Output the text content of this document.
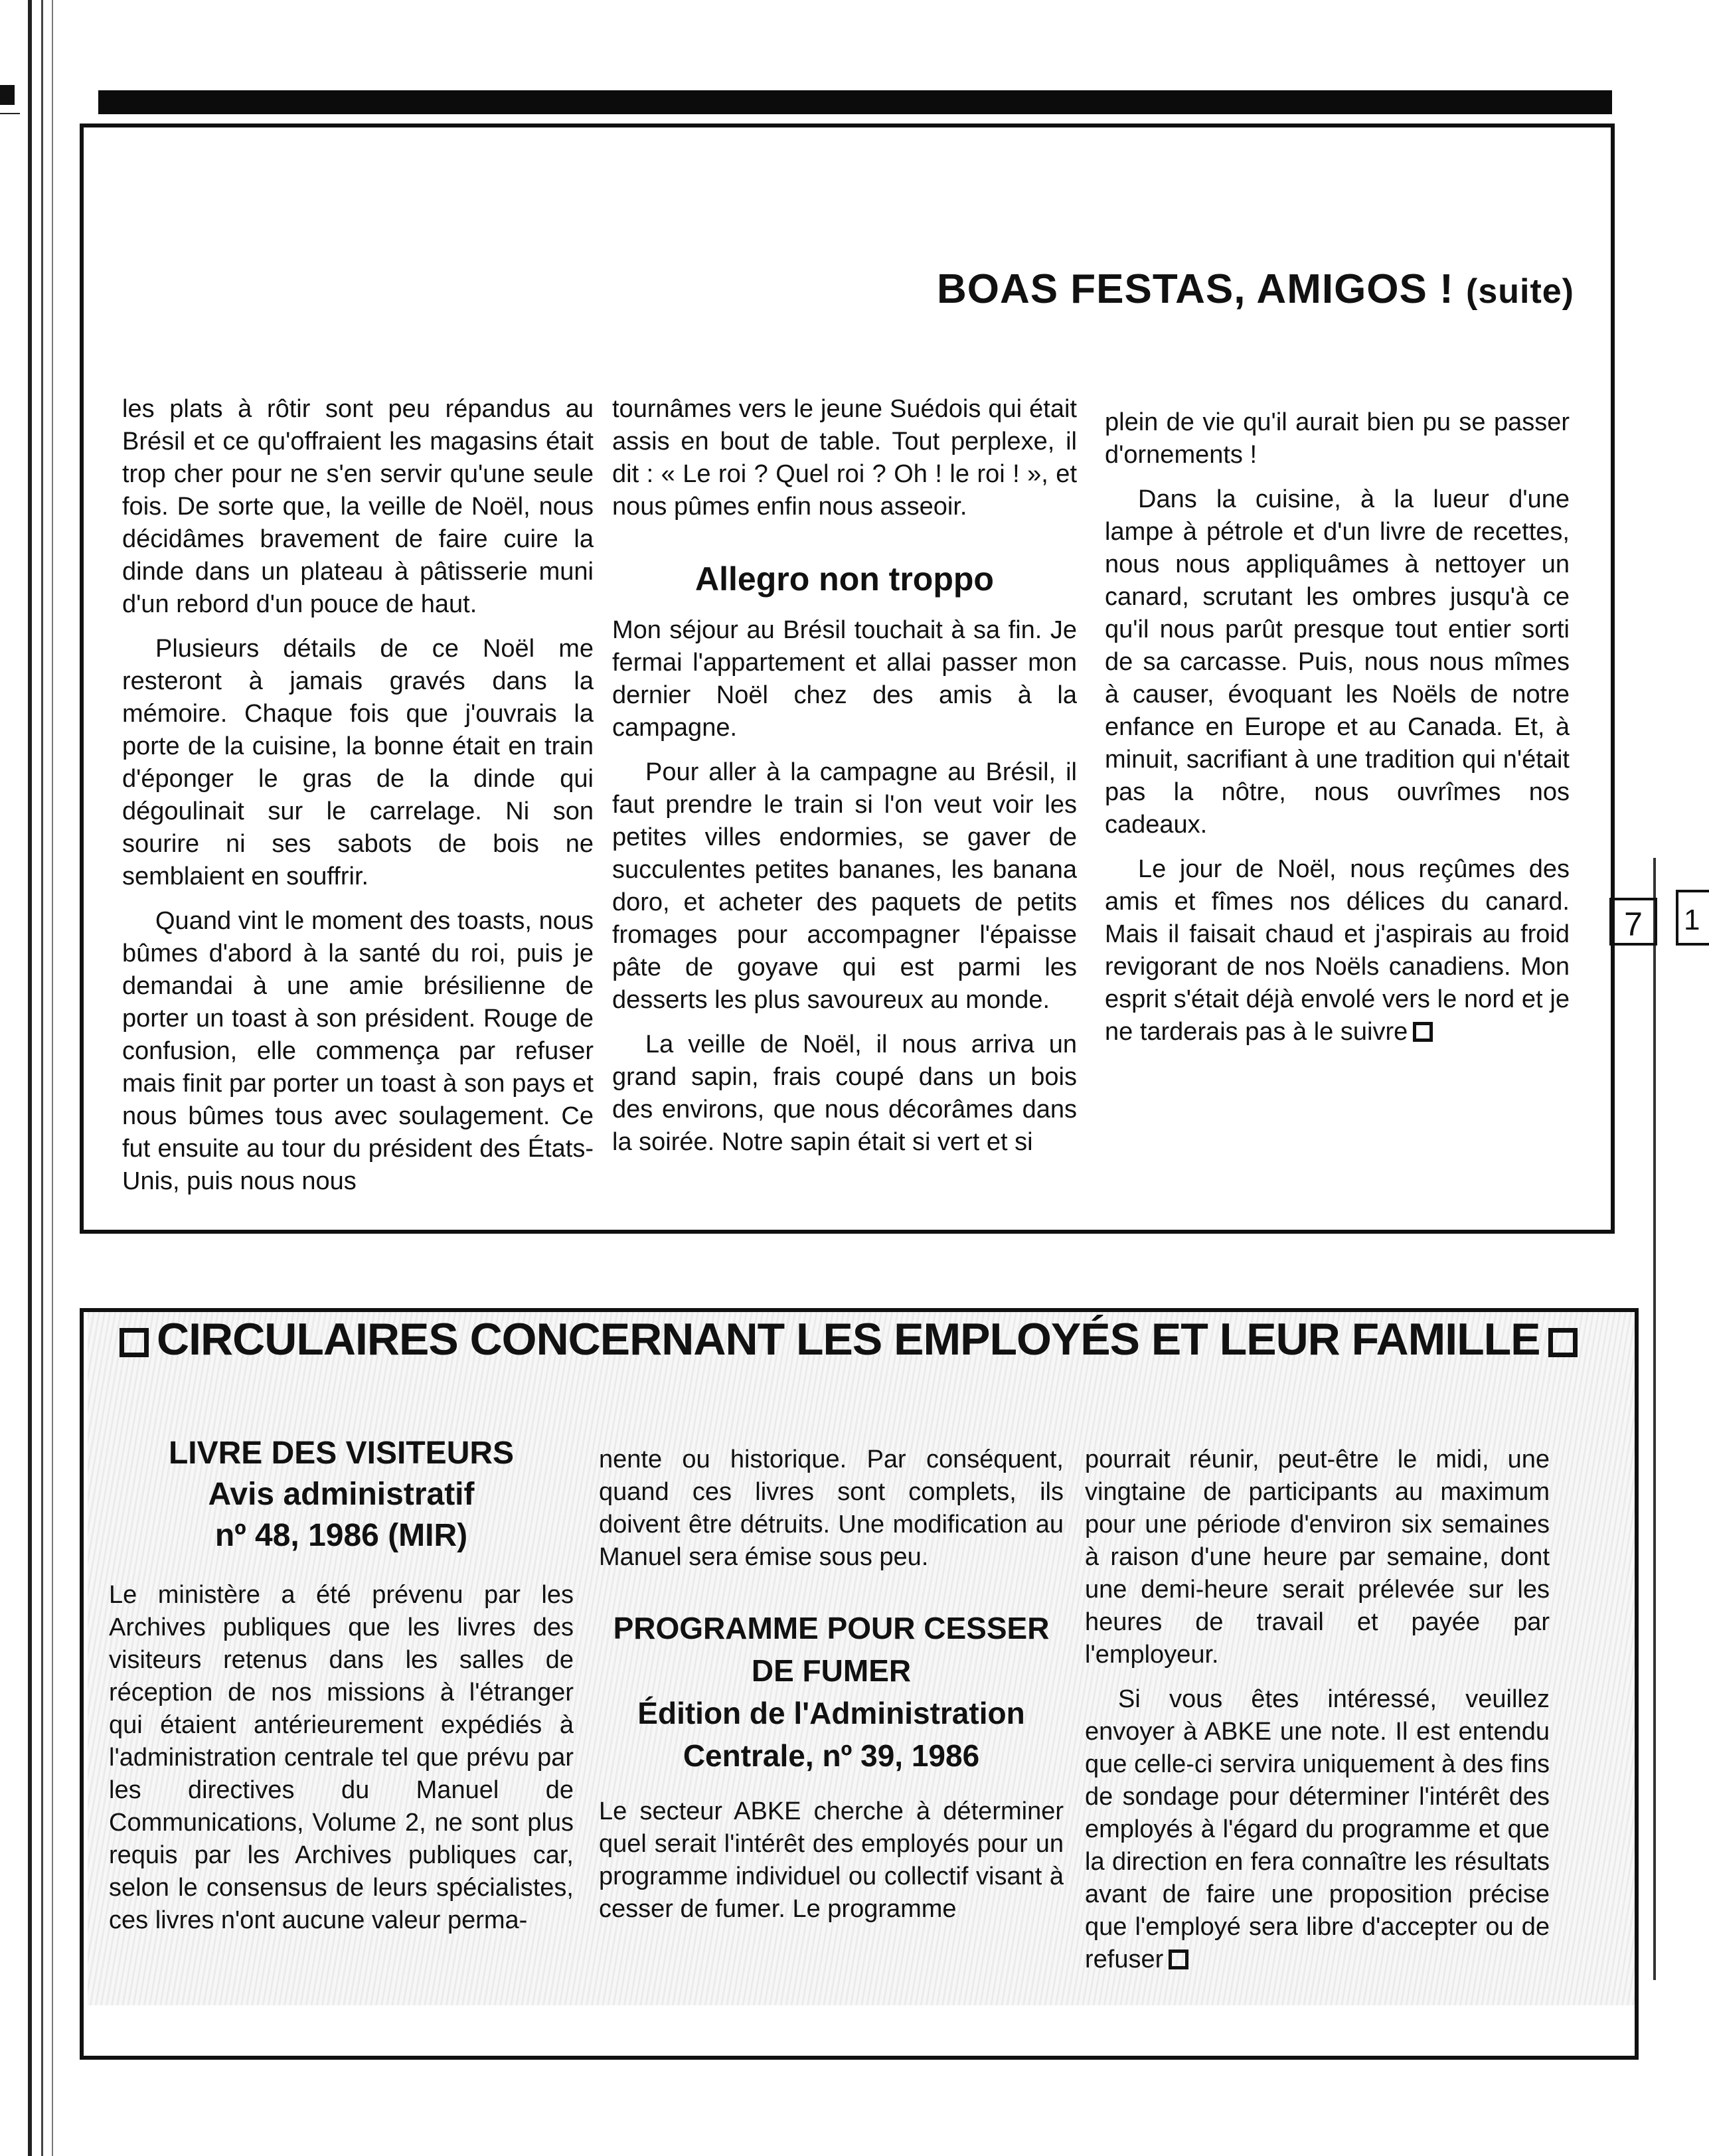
BOAS FESTAS, AMIGOS ! (suite)

les plats à rôtir sont peu répandus au Brésil et ce qu'offraient les magasins était trop cher pour ne s'en servir qu'une seule fois. De sorte que, la veille de Noël, nous décidâmes bravement de faire cuire la dinde dans un plateau à pâtisserie muni d'un rebord d'un pouce de haut.

Plusieurs détails de ce Noël me resteront à jamais gravés dans la mémoire. Chaque fois que j'ouvrais la porte de la cuisine, la bonne était en train d'éponger le gras de la dinde qui dégoulinait sur le carrelage. Ni son sourire ni ses sabots de bois ne semblaient en souffrir.

Quand vint le moment des toasts, nous bûmes d'abord à la santé du roi, puis je demandai à une amie brésilienne de porter un toast à son président. Rouge de confusion, elle commença par refuser mais finit par porter un toast à son pays et nous bûmes tous avec soulagement. Ce fut ensuite au tour du président des États-Unis, puis nous nous

tournâmes vers le jeune Suédois qui était assis en bout de table. Tout perplexe, il dit : « Le roi ? Quel roi ? Oh ! le roi ! », et nous pûmes enfin nous asseoir.

Allegro non troppo

Mon séjour au Brésil touchait à sa fin. Je fermai l'appartement et allai passer mon dernier Noël chez des amis à la campagne.

Pour aller à la campagne au Brésil, il faut prendre le train si l'on veut voir les petites villes endormies, se gaver de succulentes petites bananes, les banana doro, et acheter des paquets de petits fromages pour accompagner l'épaisse pâte de goyave qui est parmi les desserts les plus savoureux au monde.

La veille de Noël, il nous arriva un grand sapin, frais coupé dans un bois des environs, que nous décorâmes dans la soirée. Notre sapin était si vert et si

plein de vie qu'il aurait bien pu se passer d'ornements !

Dans la cuisine, à la lueur d'une lampe à pétrole et d'un livre de recettes, nous nous appliquâmes à nettoyer un canard, scrutant les ombres jusqu'à ce qu'il nous parût presque tout entier sorti de sa carcasse. Puis, nous nous mîmes à causer, évoquant les Noëls de notre enfance en Europe et au Canada. Et, à minuit, sacrifiant à une tradition qui n'était pas la nôtre, nous ouvrîmes nos cadeaux.

Le jour de Noël, nous reçûmes des amis et fîmes nos délices du canard. Mais il faisait chaud et j'aspirais au froid revigorant de nos Noëls canadiens. Mon esprit s'était déjà envolé vers le nord et je ne tarderais pas à le suivre

7	1
CIRCULAIRES CONCERNANT LES EMPLOYÉS ET LEUR FAMILLE
LIVRE DES VISITEURS
Avis administratif
nº 48, 1986 (MIR)

Le ministère a été prévenu par les Archives publiques que les livres des visiteurs retenus dans les salles de réception de nos missions à l'étranger qui étaient antérieurement expédiés à l'administration centrale tel que prévu par les directives du Manuel de Communications, Volume 2, ne sont plus requis par les Archives publiques car, selon le consensus de leurs spécialistes, ces livres n'ont aucune valeur perma-

nente ou historique. Par conséquent, quand ces livres sont complets, ils doivent être détruits. Une modification au Manuel sera émise sous peu.

PROGRAMME POUR CESSER
DE FUMER
Édition de l'Administration
Centrale, nº 39, 1986

Le secteur ABKE cherche à déterminer quel serait l'intérêt des employés pour un programme individuel ou collectif visant à cesser de fumer. Le programme

pourrait réunir, peut-être le midi, une vingtaine de participants au maximum pour une période d'environ six semaines à raison d'une heure par semaine, dont une demi-heure serait prélevée sur les heures de travail et payée par l'employeur.

Si vous êtes intéressé, veuillez envoyer à ABKE une note. Il est entendu que celle-ci servira uniquement à des fins de sondage pour déterminer l'intérêt des employés à l'égard du programme et que la direction en fera connaître les résultats avant de faire une proposition précise que l'employé sera libre d'accepter ou de refuser
